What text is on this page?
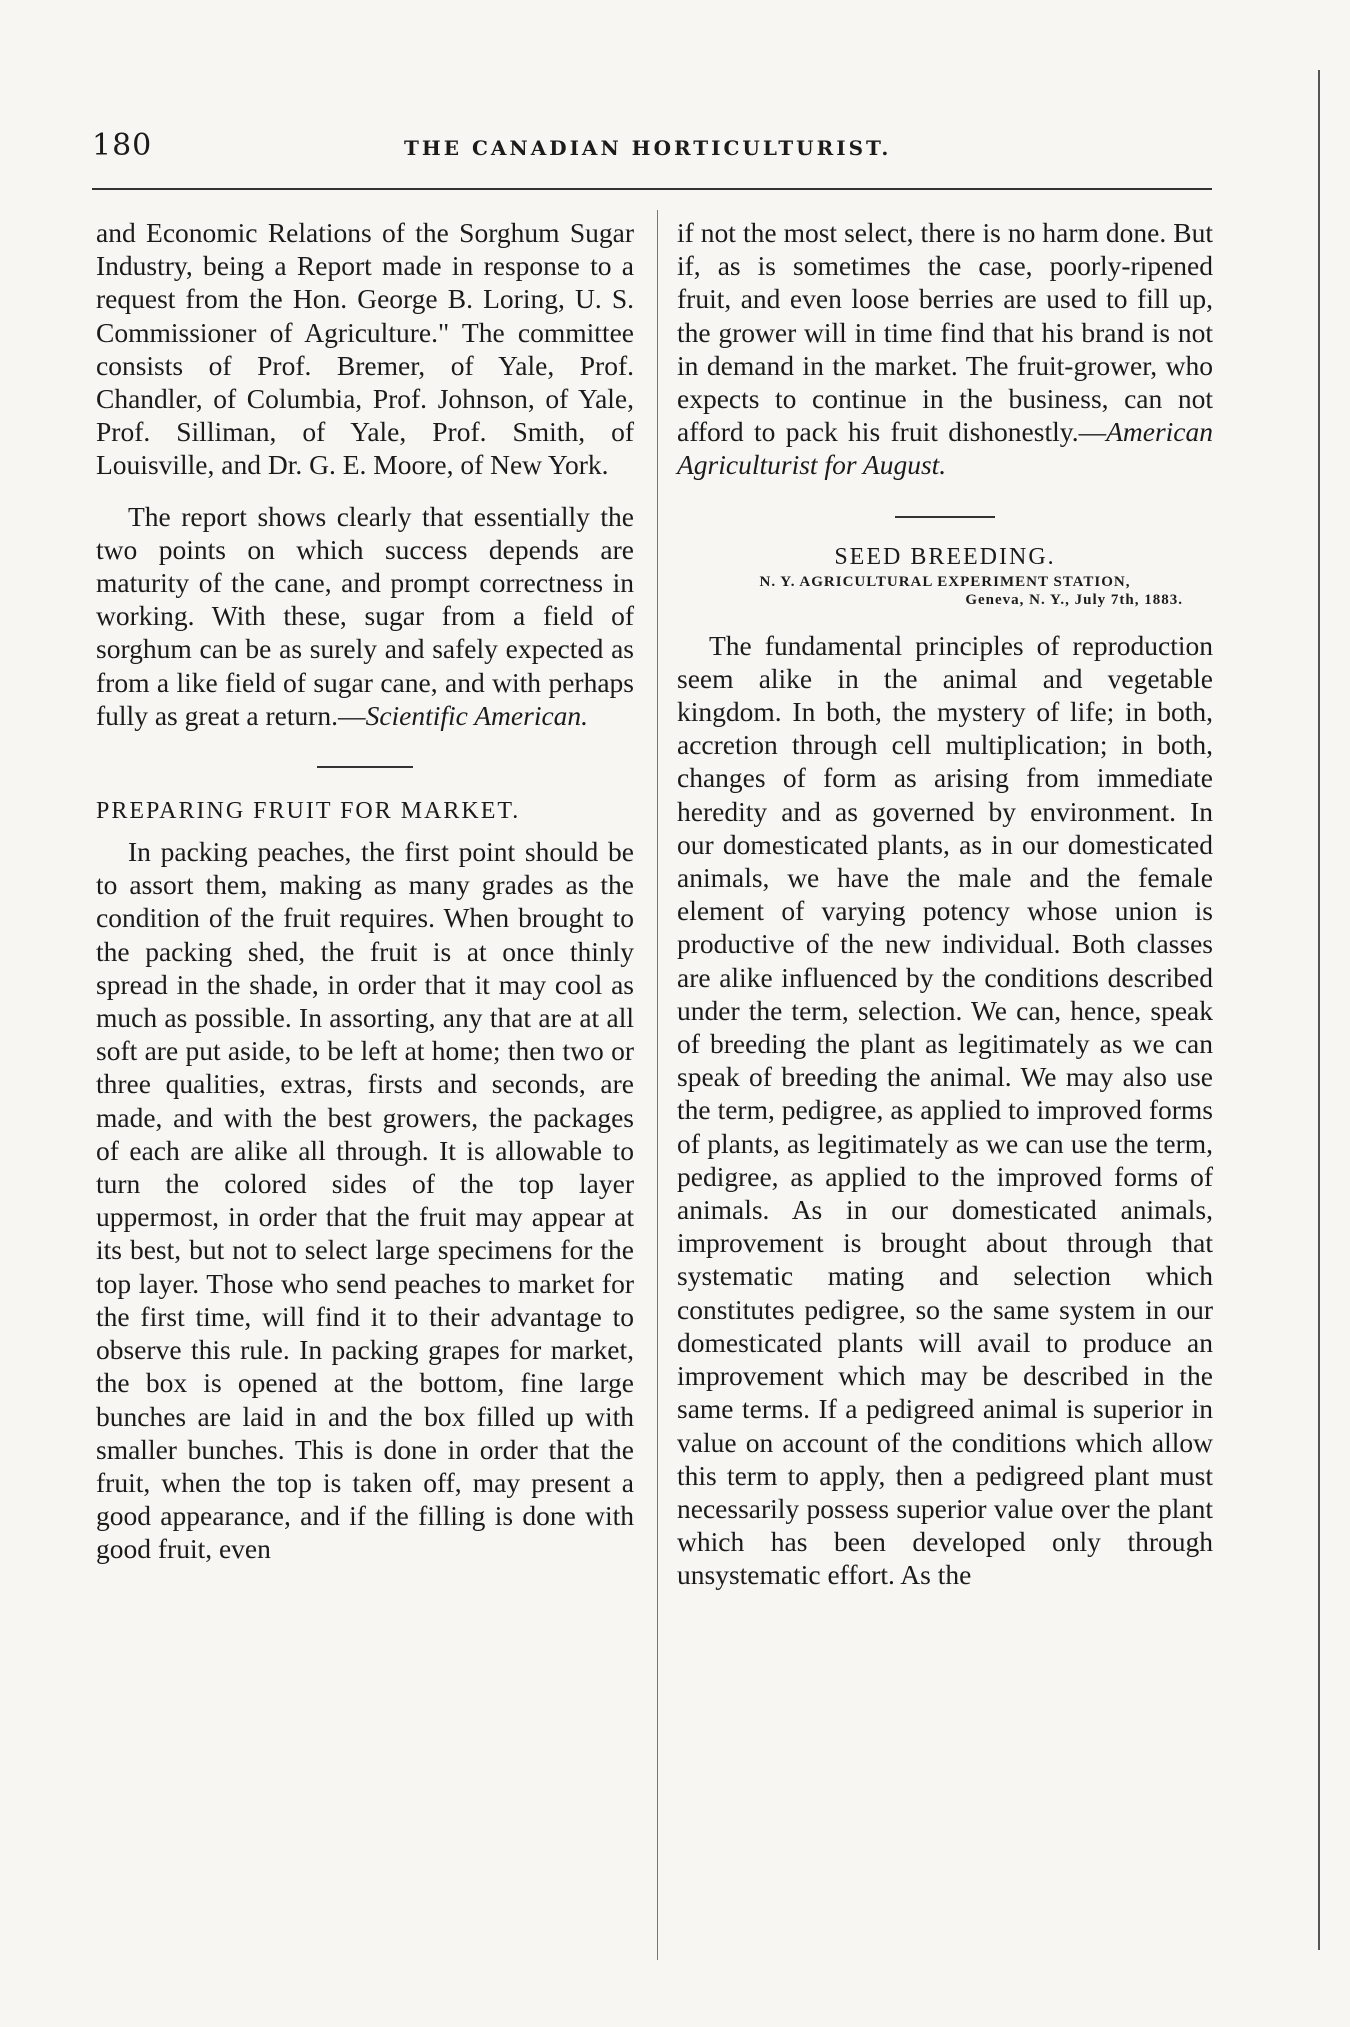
180	THE CANADIAN HORTICULTURIST.

and Economic Relations of the Sorghum Sugar Industry, being a Report made in response to a request from the Hon. George B. Loring, U. S. Commissioner of Agriculture." The committee consists of Prof. Bremer, of Yale, Prof. Chandler, of Columbia, Prof. Johnson, of Yale, Prof. Silliman, of Yale, Prof. Smith, of Louisville, and Dr. G. E. Moore, of New York.

The report shows clearly that essentially the two points on which success depends are maturity of the cane, and prompt correctness in working. With these, sugar from a field of sorghum can be as surely and safely expected as from a like field of sugar cane, and with perhaps fully as great a return.—Scientific American.

PREPARING FRUIT FOR MARKET.

In packing peaches, the first point should be to assort them, making as many grades as the condition of the fruit requires. When brought to the packing shed, the fruit is at once thinly spread in the shade, in order that it may cool as much as possible. In assorting, any that are at all soft are put aside, to be left at home; then two or three qualities, extras, firsts and seconds, are made, and with the best growers, the packages of each are alike all through. It is allowable to turn the colored sides of the top layer uppermost, in order that the fruit may appear at its best, but not to select large specimens for the top layer. Those who send peaches to market for the first time, will find it to their advantage to observe this rule. In packing grapes for market, the box is opened at the bottom, fine large bunches are laid in and the box filled up with smaller bunches. This is done in order that the fruit, when the top is taken off, may present a good appearance, and if the filling is done with good fruit, even

if not the most select, there is no harm done. But if, as is sometimes the case, poorly-ripened fruit, and even loose berries are used to fill up, the grower will in time find that his brand is not in demand in the market. The fruit-grower, who expects to continue in the business, can not afford to pack his fruit dishonestly.—American Agriculturist for August.

SEED BREEDING.
N. Y. AGRICULTURAL EXPERIMENT STATION,
Geneva, N. Y., July 7th, 1883.

The fundamental principles of reproduction seem alike in the animal and vegetable kingdom. In both, the mystery of life; in both, accretion through cell multiplication; in both, changes of form as arising from immediate heredity and as governed by environment. In our domesticated plants, as in our domesticated animals, we have the male and the female element of varying potency whose union is productive of the new individual. Both classes are alike influenced by the conditions described under the term, selection. We can, hence, speak of breeding the plant as legitimately as we can speak of breeding the animal. We may also use the term, pedigree, as applied to improved forms of plants, as legitimately as we can use the term, pedigree, as applied to the improved forms of animals. As in our domesticated animals, improvement is brought about through that systematic mating and selection which constitutes pedigree, so the same system in our domesticated plants will avail to produce an improvement which may be described in the same terms. If a pedigreed animal is superior in value on account of the conditions which allow this term to apply, then a pedigreed plant must necessarily possess superior value over the plant which has been developed only through unsystematic effort. As the
